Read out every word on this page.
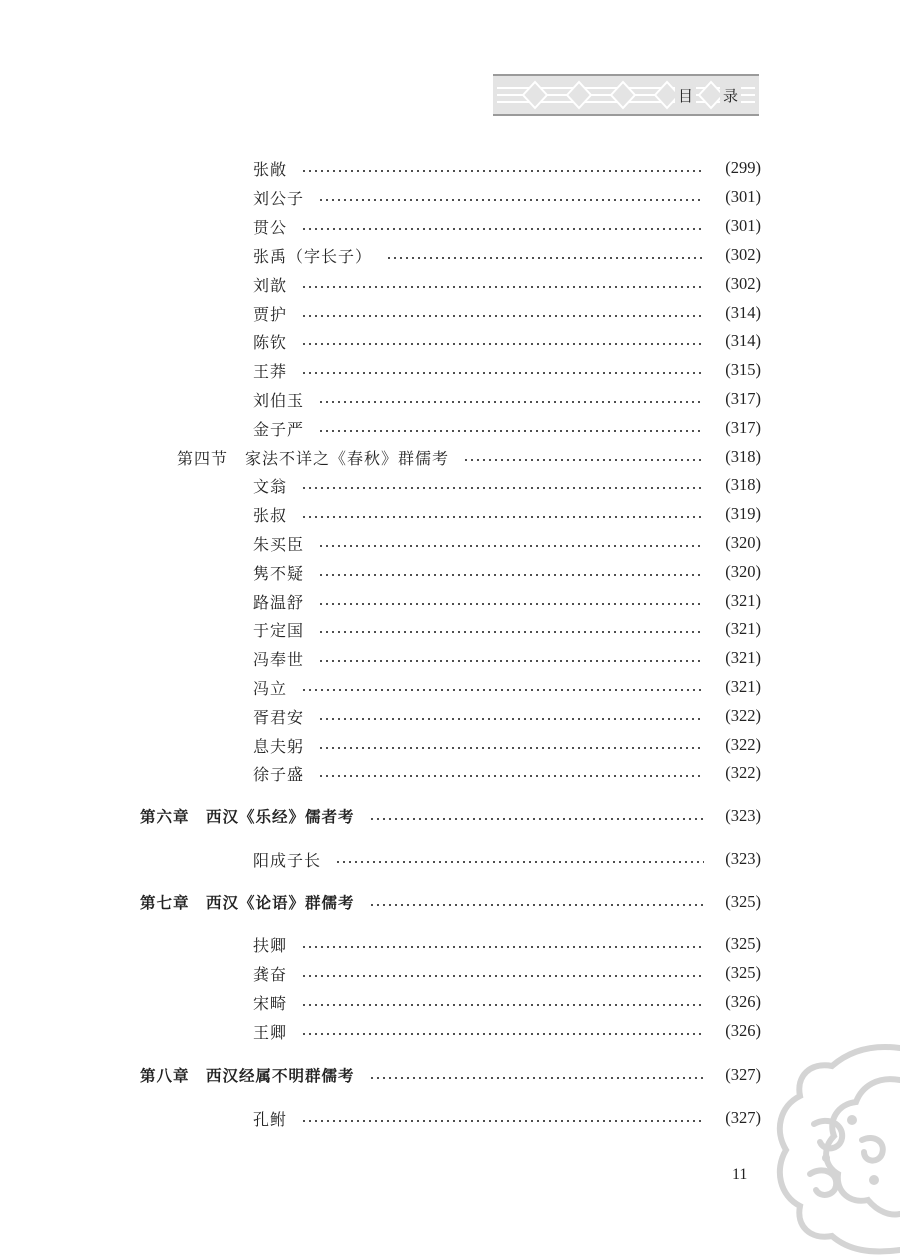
目 录
张敞	(299)
刘公子	(301)
贯公	(301)
张禹（字长子）	(302)
刘歆	(302)
贾护	(314)
陈钦	(314)
王莽	(315)
刘伯玉	(317)
金子严	(317)
第四节　家法不详之《春秋》群儒考	(318)
文翁	(318)
张叔	(319)
朱买臣	(320)
隽不疑	(320)
路温舒	(321)
于定国	(321)
冯奉世	(321)
冯立	(321)
胥君安	(322)
息夫躬	(322)
徐子盛	(322)
第六章　西汉《乐经》儒者考	(323)
阳成子长	(323)
第七章　西汉《论语》群儒考	(325)
扶卿	(325)
龚奋	(325)
宋畸	(326)
王卿	(326)
第八章　西汉经属不明群儒考	(327)
孔鲋	(327)
11
